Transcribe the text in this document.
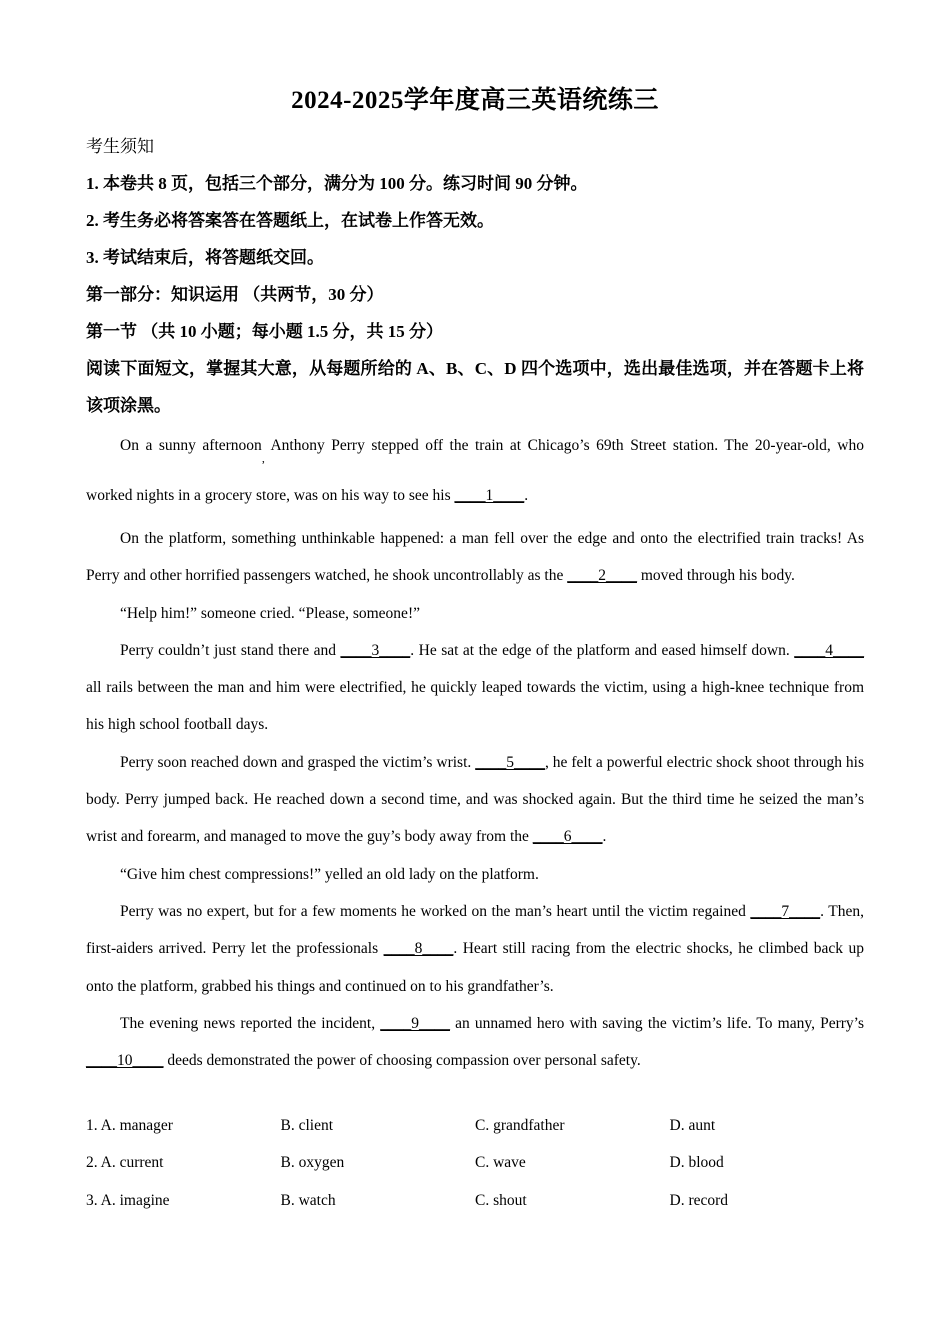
2024-2025学年度高三英语统练三
考生须知
1. 本卷共 8 页，包括三个部分，满分为 100 分。练习时间 90 分钟。
2. 考生务必将答案答在答题纸上，在试卷上作答无效。
3. 考试结束后，将答题纸交回。
第一部分：知识运用 （共两节，30 分）
第一节 （共 10 小题；每小题 1.5 分，共 15 分）
阅读下面短文，掌握其大意，从每题所给的 A、B、C、D 四个选项中，选出最佳选项，并在答题卡上将该项涂黑。

On a sunny afternoon$_,$ Anthony Perry stepped off the train at Chicago’s 69th Street station. The 20-year-old, who worked nights in a grocery store, was on his way to see his ____1____.

On the platform, something unthinkable happened: a man fell over the edge and onto the electrified train tracks! As Perry and other horrified passengers watched, he shook uncontrollably as the ____2____ moved through his body.

“Help him!” someone cried. “Please, someone!”

Perry couldn’t just stand there and ____3____. He sat at the edge of the platform and eased himself down. ____4____ all rails between the man and him were electrified, he quickly leaped towards the victim, using a high-knee technique from his high school football days.

Perry soon reached down and grasped the victim’s wrist. ____5____, he felt a powerful electric shock shoot through his body. Perry jumped back. He reached down a second time, and was shocked again. But the third time he seized the man’s wrist and forearm, and managed to move the guy’s body away from the ____6____.

“Give him chest compressions!” yelled an old lady on the platform.

Perry was no expert, but for a few moments he worked on the man’s heart until the victim regained ____7____. Then, first-aiders arrived. Perry let the professionals ____8____. Heart still racing from the electric shocks, he climbed back up onto the platform, grabbed his things and continued on to his grandfather’s.

The evening news reported the incident, ____9____ an unnamed hero with saving the victim’s life. To many, Perry’s ____10____ deeds demonstrated the power of choosing compassion over personal safety.

1. A. manager	B. client	C. grandfather	D. aunt
2. A. current	B. oxygen	C. wave	D. blood
3. A. imagine	B. watch	C. shout	D. record
